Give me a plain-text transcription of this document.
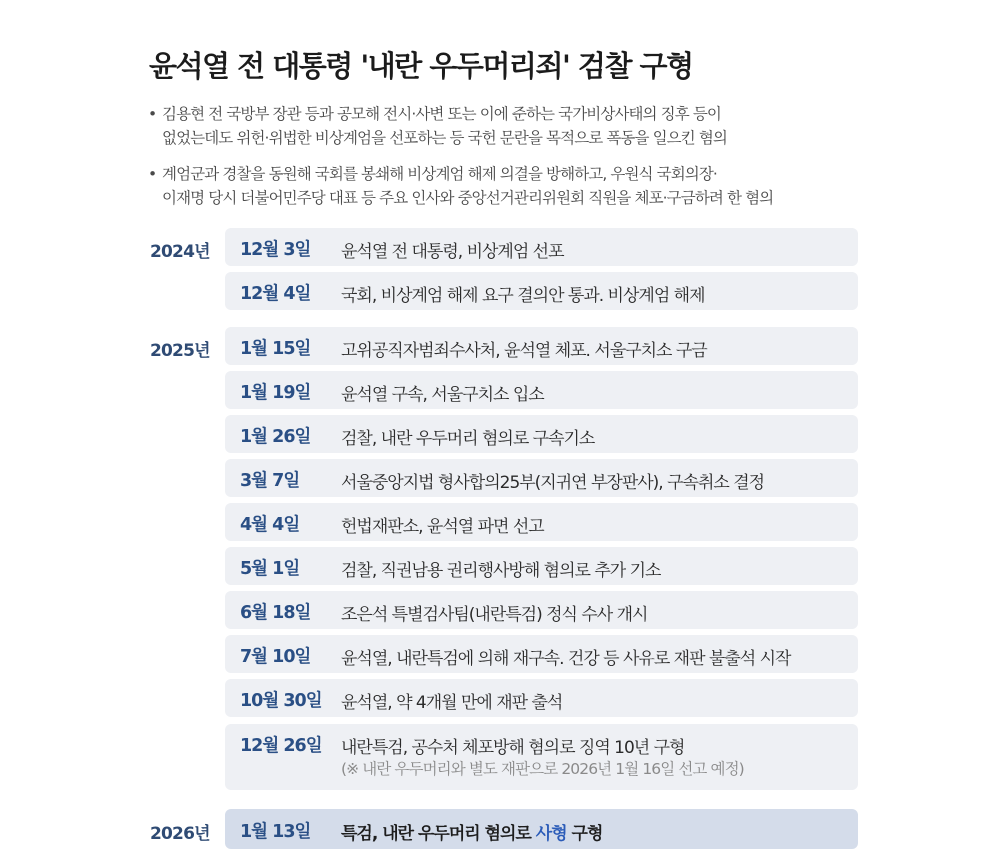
윤석열 전 대통령 '내란 우두머리죄' 검찰 구형
• 김용현 전 국방부 장관 등과 공모해 전시·사변 또는 이에 준하는 국가비상사태의 징후 등이
없었는데도 위헌·위법한 비상계엄을 선포하는 등 국헌 문란을 목적으로 폭동을 일으킨 혐의
• 계엄군과 경찰을 동원해 국회를 봉쇄해 비상계엄 해제 의결을 방해하고, 우원식 국회의장·
이재명 당시 더불어민주당 대표 등 주요 인사와 중앙선거관리위원회 직원을 체포·구금하려 한 혐의
2024년
2025년
2026년
12월 3일 윤석열 전 대통령, 비상계엄 선포
12월 4일 국회, 비상계엄 해제 요구 결의안 통과. 비상계엄 해제
1월 15일 고위공직자범죄수사처, 윤석열 체포. 서울구치소 구금
1월 19일 윤석열 구속, 서울구치소 입소
1월 26일 검찰, 내란 우두머리 혐의로 구속기소
3월 7일 서울중앙지법 형사합의25부(지귀연 부장판사), 구속취소 결정
4월 4일 헌법재판소, 윤석열 파면 선고
5월 1일 검찰, 직권남용 권리행사방해 혐의로 추가 기소
6월 18일 조은석 특별검사팀(내란특검) 정식 수사 개시
7월 10일 윤석열, 내란특검에 의해 재구속. 건강 등 사유로 재판 불출석 시작
10월 30일 윤석열, 약 4개월 만에 재판 출석
12월 26일 내란특검, 공수처 체포방해 혐의로 징역 10년 구형
(※ 내란 우두머리와 별도 재판으로 2026년 1월 16일 선고 예정)
1월 13일 특검, 내란 우두머리 혐의로 사형 구형
